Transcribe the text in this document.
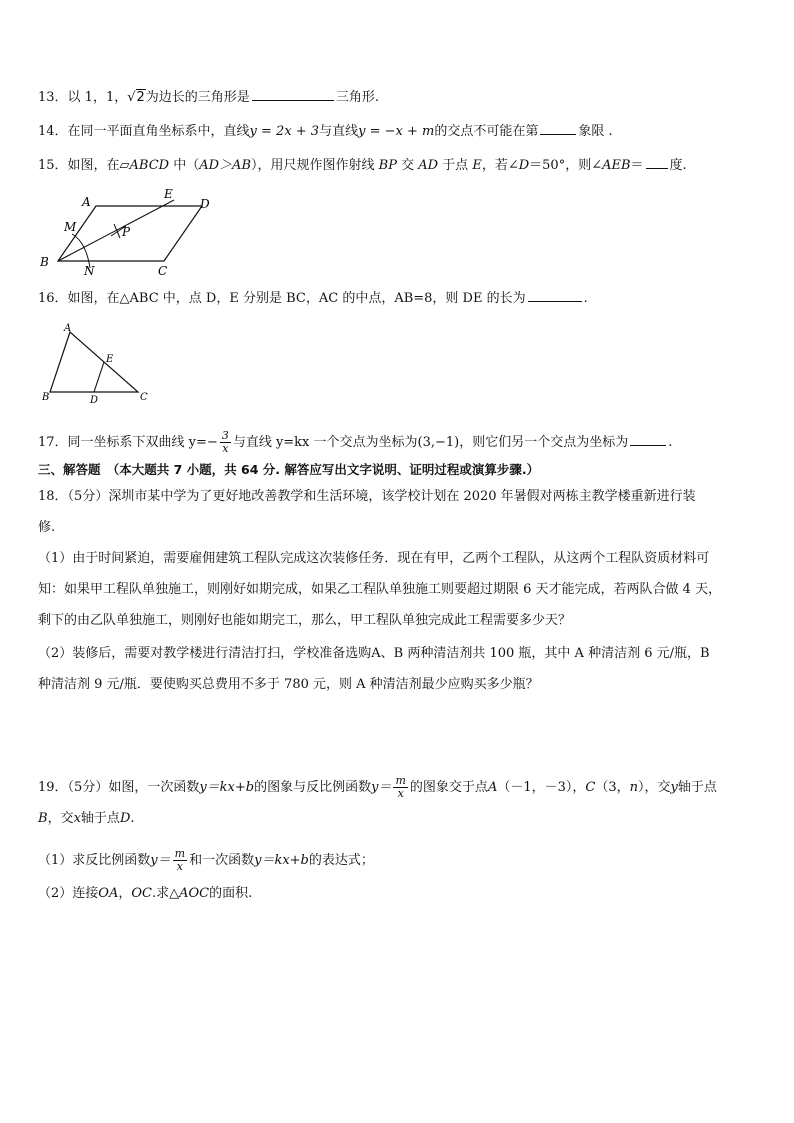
13．以 1，1，√2为边长的三角形是	三角形.
14．在同一平面直角坐标系中，直线y = 2x + 3与直线y = −x + m的交点不可能在第	象限 .
15．如图，在▱ABCD 中（AD＞AB），用尺规作图作射线 BP 交 AD 于点 E，若∠D＝50°，则∠AEB＝ 度.
A
E
D
M	P
B
N	C
16．如图，在△ABC 中，点 D，E 分别是 BC，AC 的中点，AB=8，则 DE 的长为	.
A
E
B	D	C
17．同一坐标系下双曲线 $y=- \frac{3}{x}$ 与直线 y=kx 一个交点为坐标为(3,−1)，则它们另一个交点为坐标为	.
三、解答题　（本大题共 7 小题，共 64 分. 解答应写出文字说明、证明过程或演算步骤.）
18．（5分）深圳市某中学为了更好地改善教学和生活环境，该学校计划在 2020 年暑假对两栋主教学楼重新进行装
修.
（1）由于时间紧迫，需要雇佣建筑工程队完成这次装修任务．现在有甲，乙两个工程队，从这两个工程队资质材料可
知：如果甲工程队单独施工，则刚好如期完成，如果乙工程队单独施工则要超过期限 6 天才能完成，若两队合做 4 天，
剩下的由乙队单独施工，则刚好也能如期完工，那么，甲工程队单独完成此工程需要多少天？
（2）装修后，需要对教学楼进行清洁打扫，学校准备选购A、B 两种清洁剂共 100 瓶，其中 A 种清洁剂 6 元/瓶，B
种清洁剂 9 元/瓶．要使购买总费用不多于 780 元，则 A 种清洁剂最少应购买多少瓶？
19．（5分）如图，一次函数y＝kx+b的图象与反比例函数$y= \frac{m}{x}$ 的图象交于点A（－1，－3），C（3，n），交y轴于点
B，交x轴于点D.
（1）求反比例函数$y= \frac{m}{x}$ 和一次函数y＝kx+b的表达式；
（2）连接OA，OC.求△AOC的面积.
